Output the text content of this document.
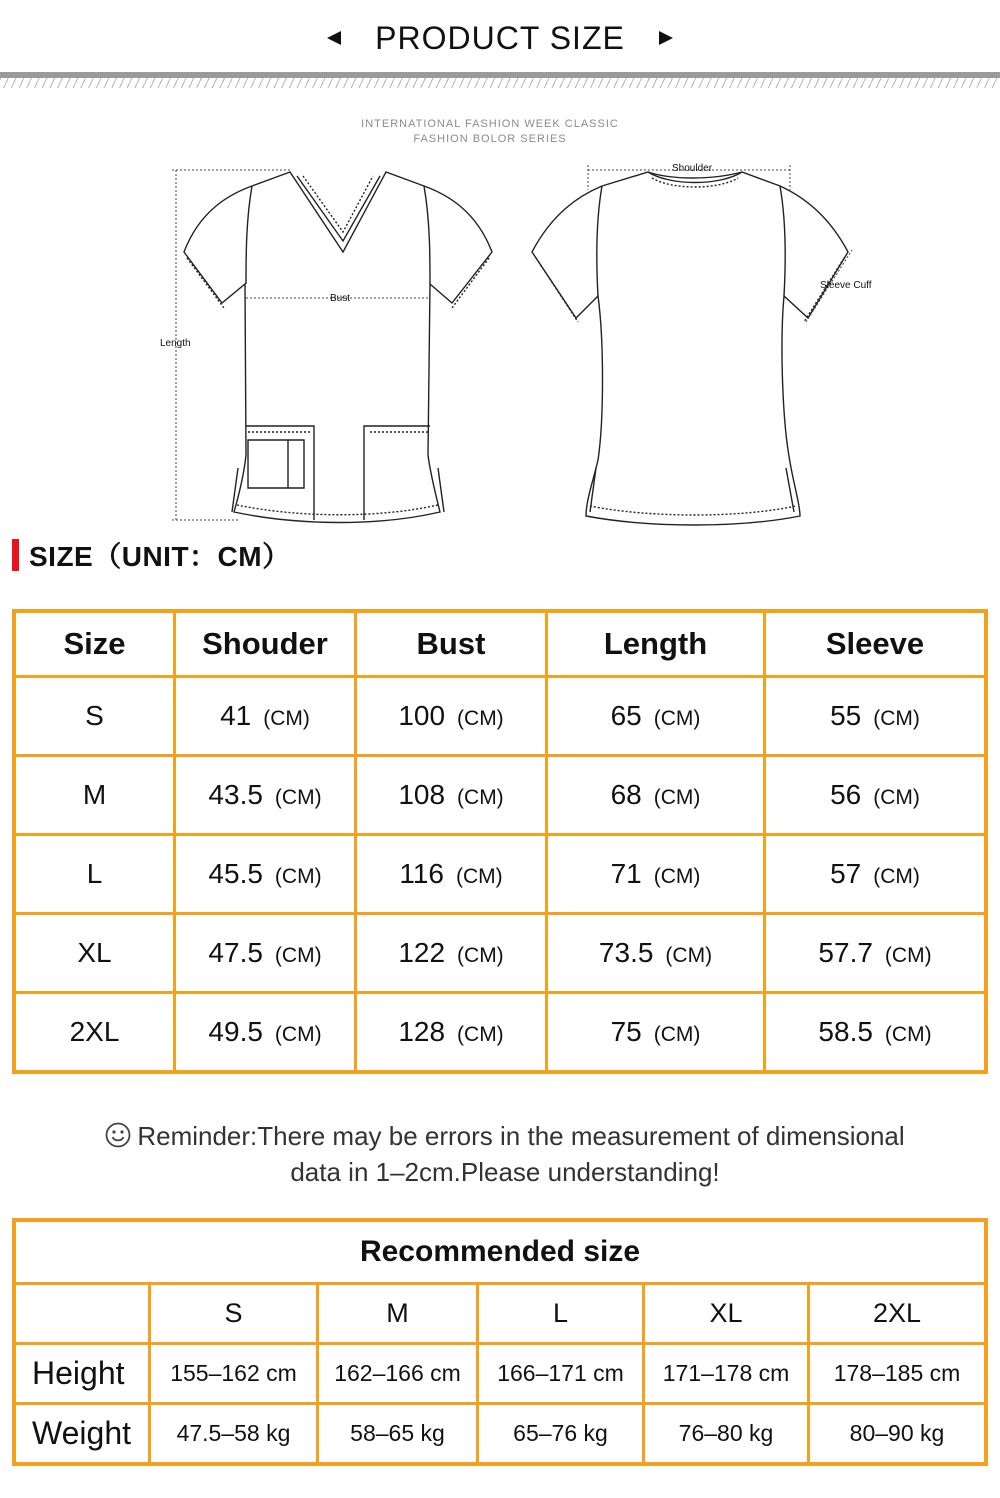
PRODUCT SIZE
INTERNATIONAL FASHION WEEK CLASSIC
FASHION BOLOR SERIES
Length
Bust
Shoulder
Sleeve Cuff
SIZE（UNIT：CM）
Size	Shouder	Bust	Length	Sleeve
S	41 (CM)	100 (CM)	65 (CM)	55 (CM)
M	43.5 (CM)	108 (CM)	68 (CM)	56 (CM)
L	45.5 (CM)	116 (CM)	71 (CM)	57 (CM)
XL	47.5 (CM)	122 (CM)	73.5 (CM)	57.7 (CM)
2XL	49.5 (CM)	128 (CM)	75 (CM)	58.5 (CM)
Reminder:There may be errors in the measurement of dimensional
data in 1–2cm.Please understanding!
Recommended size					
	S	M	L	XL	2XL
Height	155–162 cm	162–166 cm	166–171 cm	171–178 cm	178–185 cm
Weight	47.5–58 kg	58–65 kg	65–76 kg	76–80 kg	80–90 kg
